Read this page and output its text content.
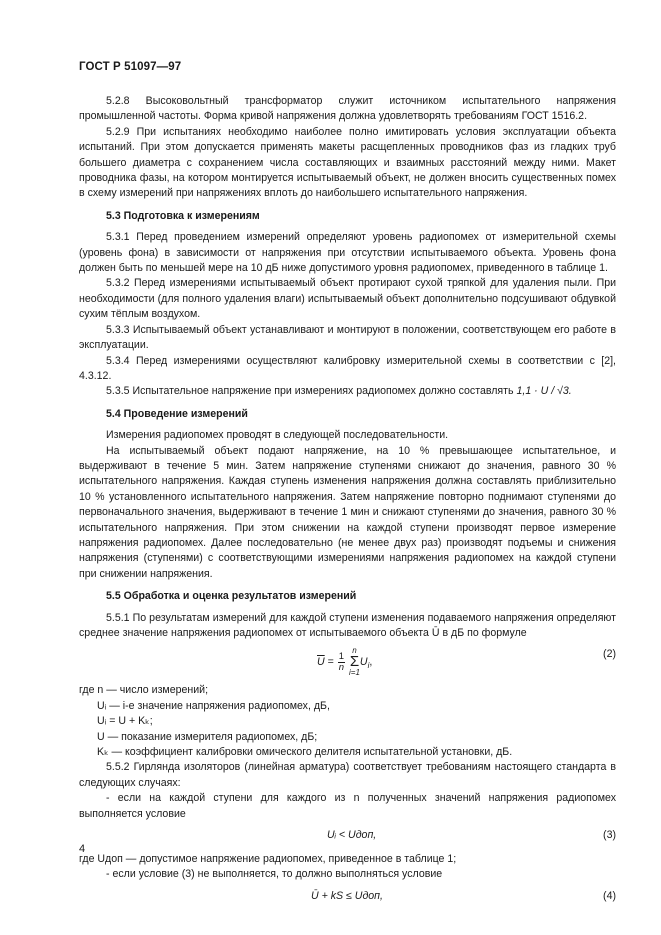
ГОСТ Р 51097—97

5.2.8 Высоковольтный трансформатор служит источником испытательного напряжения промышленной частоты. Форма кривой напряжения должна удовлетворять требованиям ГОСТ 1516.2.

5.2.9 При испытаниях необходимо наиболее полно имитировать условия эксплуатации объекта испытаний. При этом допускается применять макеты расщепленных проводников фаз из гладких труб большего диаметра с сохранением числа составляющих и взаимных расстояний между ними. Макет проводника фазы, на котором монтируется испытываемый объект, не должен вносить существенных помех в схему измерений при напряжениях вплоть до наибольшего испытательного напряжения.

5.3 Подготовка к измерениям

5.3.1 Перед проведением измерений определяют уровень радиопомех от измерительной схемы (уровень фона) в зависимости от напряжения при отсутствии испытываемого объекта. Уровень фона должен быть по меньшей мере на 10 дБ ниже допустимого уровня радиопомех, приведенного в таблице 1.

5.3.2 Перед измерениями испытываемый объект протирают сухой тряпкой для удаления пыли. При необходимости (для полного удаления влаги) испытываемый объект дополнительно подсушивают обдувкой сухим тёплым воздухом.

5.3.3 Испытываемый объект устанавливают и монтируют в положении, соответствующем его работе в эксплуатации.

5.3.4 Перед измерениями осуществляют калибровку измерительной схемы в соответствии с [2], 4.3.12.

5.3.5 Испытательное напряжение при измерениях радиопомех должно составлять 1,1 · U / √3.

5.4 Проведение измерений

Измерения радиопомех проводят в следующей последовательности.

На испытываемый объект подают напряжение, на 10 % превышающее испытательное, и выдерживают в течение 5 мин. Затем напряжение ступенями снижают до значения, равного 30 % испытательного напряжения. Каждая ступень изменения напряжения должна составлять приблизительно 10 % установленного испытательного напряжения. Затем напряжение повторно поднимают ступенями до первоначального значения, выдерживают в течение 1 мин и снижают ступенями до значения, равного 30 % испытательного напряжения. При этом снижении на каждой ступени производят первое измерение напряжения радиопомех. Далее последовательно (не менее двух раз) производят подъемы и снижения напряжения (ступенями) с соответствующими измерениями напряжения радиопомех на каждой ступени при снижении напряжения.

5.5 Обработка и оценка результатов измерений

5.5.1 По результатам измерений для каждой ступени изменения подаваемого напряжения определяют среднее значение напряжения радиопомех от испытываемого объекта Ū в дБ по формуле

$\overline{U} = \frac{1}{n}$

n
Σ
i=1
$U_i$,
(2)

где n — число измерений;

Uᵢ — i-е значение напряжения радиопомех, дБ,

Uᵢ = U + Kₖ;

U — показание измерителя радиопомех, дБ;

Kₖ — коэффициент калибровки омического делителя испытательной установки, дБ.

5.5.2 Гирлянда изоляторов (линейная арматура) соответствует требованиям настоящего стандарта в следующих случаях:

- если на каждой ступени для каждого из n полученных значений напряжения радиопомех выполняется условие

Uᵢ < Uдоп,	(3)

где Uдоп — допустимое напряжение радиопомех, приведенное в таблице 1;

- если условие (3) не выполняется, то должно выполняться условие

Ū + kS ≤ Uдоп,	(4)
4
